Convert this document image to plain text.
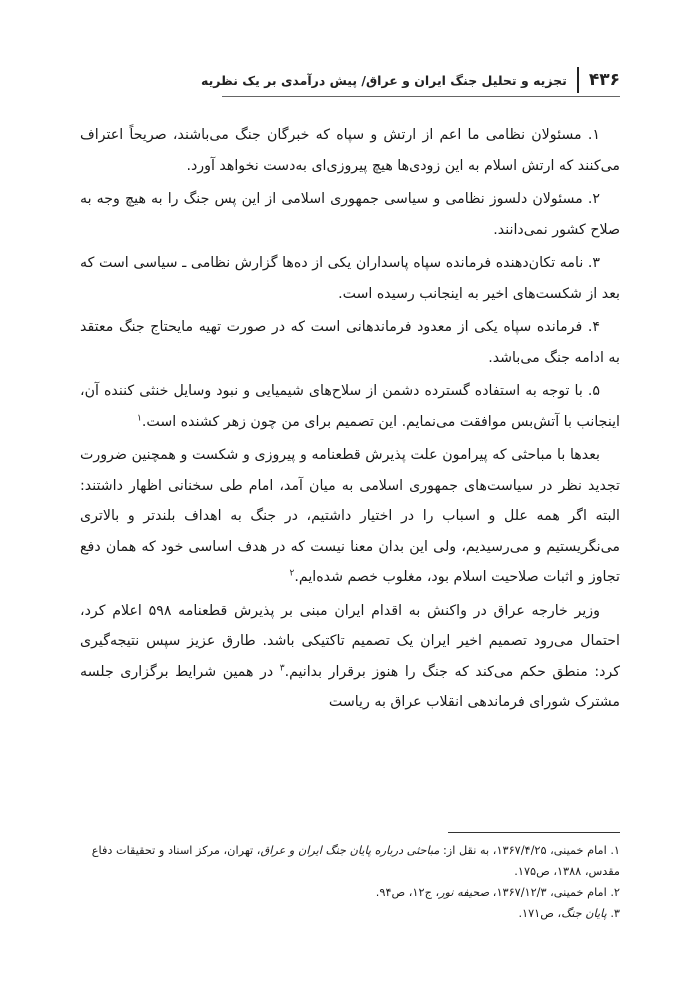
۴۳۶
تجزیه و تحلیل جنگ ایران و عراق/ پیش درآمدی بر یک نظریه

۱. مسئولان نظامی ما اعم از ارتش و سپاه که خبرگان جنگ می‌باشند، صریحاً اعتراف می‌کنند که ارتش اسلام به این زودی‌ها هیچ پیروزی‌ای به‌دست نخواهد آورد.

۲. مسئولان دلسوز نظامی و سیاسی جمهوری اسلامی از این پس جنگ را به هیچ وجه به صلاح کشور نمی‌دانند.

۳. نامه تکان‌دهنده فرمانده سپاه پاسداران یکی از ده‌ها گزارش نظامی ـ سیاسی است که بعد از شکست‌های اخیر به اینجانب رسیده است.

۴. فرمانده سپاه یکی از معدود فرماندهانی است که در صورت تهیه مایحتاج جنگ معتقد به ادامه جنگ می‌باشد.

۵. با توجه به استفاده گسترده دشمن از سلاح‌های شیمیایی و نبود وسایل خنثی کننده آن، اینجانب با آتش‌بس موافقت می‌نمایم. این تصمیم برای من چون زهر کشنده است.$^۱$

بعدها با مباحثی که پیرامون علت پذیرش قطعنامه و پیروزی و شکست و همچنین ضرورت تجدید نظر در سیاست‌های جمهوری اسلامی به میان آمد، امام طی سخنانی اظهار داشتند: البته اگر همه علل و اسباب را در اختیار داشتیم، در جنگ به اهداف بلندتر و بالاتری می‌نگریستیم و می‌رسیدیم، ولی این بدان معنا نیست که در هدف اساسی خود که همان دفع تجاوز و اثبات صلاحیت اسلام بود، مغلوب خصم شده‌ایم.$^۲$

وزیر خارجه عراق در واکنش به اقدام ایران مبنی بر پذیرش قطعنامه ۵۹۸ اعلام کرد، احتمال می‌رود تصمیم اخیر ایران یک تصمیم تاکتیکی باشد. طارق عزیز سپس نتیجه‌گیری کرد: منطق حکم می‌کند که جنگ را هنوز برقرار بدانیم.$^۳$ در همین شرایط برگزاری جلسه مشترک شورای فرماندهی انقلاب عراق به ریاست

۱. امام خمینی، ۱۳۶۷/۴/۲۵، به نقل از: مباحثی درباره پایان جنگ ایران و عراق، تهران، مرکز اسناد و تحقیقات دفاع مقدس، ۱۳۸۸، ص۱۷۵.

۲. امام خمینی، ۱۳۶۷/۱۲/۳، صحیفه نور، ج۱۲، ص۹۴.

۳. پایان جنگ، ص۱۷۱.
